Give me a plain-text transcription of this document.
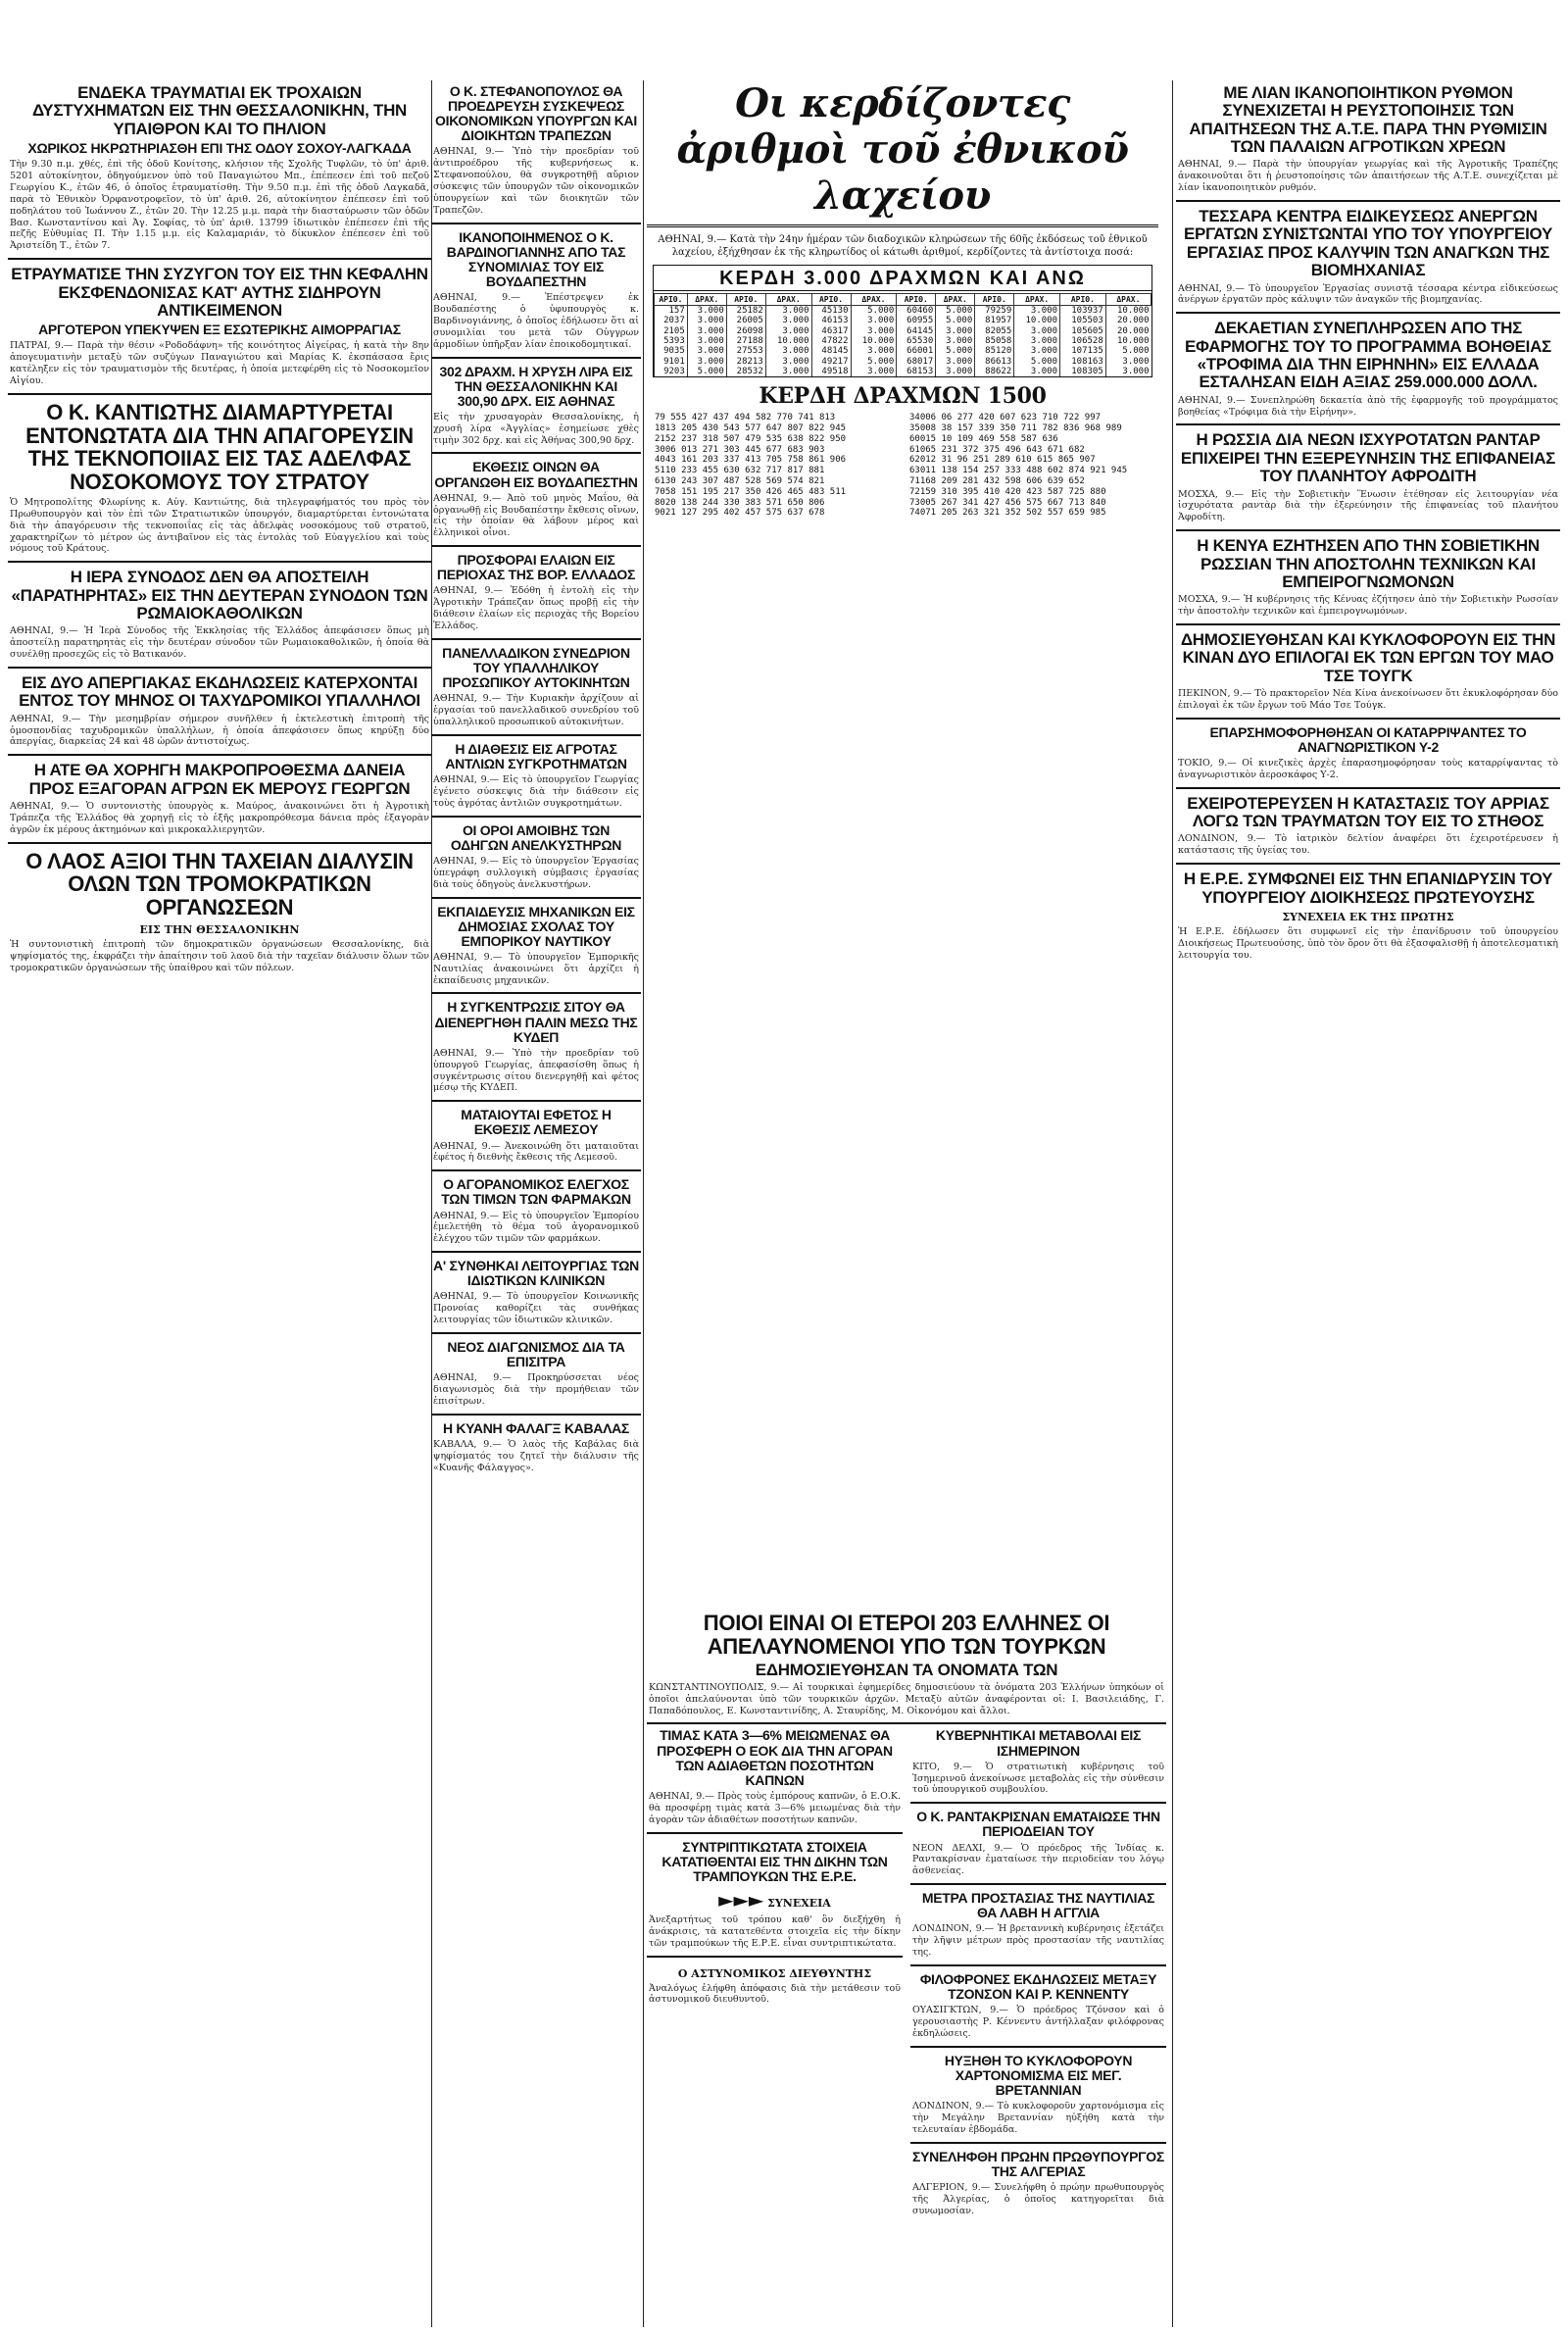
ΕΝΔΕΚΑ ΤΡΑΥΜΑΤΙΑΙ ΕΚ ΤΡΟΧΑΙΩΝ ΔΥΣΤΥΧΗΜΑΤΩΝ ΕΙΣ ΤΗΝ ΘΕΣΣΑΛΟΝΙΚΗΝ, ΤΗΝ ΥΠΑΙΘΡΟΝ ΚΑΙ ΤΟ ΠΗΛΙΟΝ

ΧΩΡΙΚΟΣ ΗΚΡΩΤΗΡΙΑΣΘΗ ΕΠΙ ΤΗΣ ΟΔΟΥ ΣΟΧΟΥ-ΛΑΓΚΑΔΑ

Τὴν 9.30 π.μ. χθές, ἐπὶ τῆς ὁδοῦ Κονίτσης, κλήσιον τῆς Σχολῆς Τυφλῶν, τὸ ὑπ' ἀριθ. 5201 αὐτοκίνητον, ὁδηγούμενον ὑπὸ τοῦ Παναγιώτου Μπ., ἐπέπεσεν ἐπὶ τοῦ πεζοῦ Γεωργίου Κ., ἐτῶν 46, ὁ ὁποῖος ἐτραυματίσθη. Τὴν 9.50 π.μ. ἐπὶ τῆς ὁδοῦ Λαγκαδᾶ, παρὰ τὸ Ἐθνικὸν Ὀρφανοτροφεῖον, τὸ ὑπ' ἀριθ. 26, αὐτοκίνητον ἐπέπεσεν ἐπὶ τοῦ ποδηλάτου τοῦ Ἰωάννου Ζ., ἐτῶν 20. Τὴν 12.25 μ.μ. παρὰ τὴν διασταύρωσιν τῶν ὁδῶν Βασ. Κωνσταντίνου καὶ Ἀγ. Σοφίας, τὸ ὑπ' ἀριθ. 13799 ἰδιωτικὸν ἐπέπεσεν ἐπὶ τῆς πεζῆς Εὐθυμίας Π. Τὴν 1.15 μ.μ. εἰς Καλαμαριάν, τὸ δίκυκλον ἐπέπεσεν ἐπὶ τοῦ Ἀριστείδη Τ., ἐτῶν 7.

ΕΤΡΑΥΜΑΤΙΣΕ ΤΗΝ ΣΥΖΥΓΟΝ ΤΟΥ ΕΙΣ ΤΗΝ ΚΕΦΑΛΗΝ ΕΚΣΦΕΝΔΟΝΙΣΑΣ ΚΑΤ' ΑΥΤΗΣ ΣΙΔΗΡΟΥΝ ΑΝΤΙΚΕΙΜΕΝΟΝ

ΑΡΓΟΤΕΡΟΝ ΥΠΕΚΥΨΕΝ ΕΞ ΕΣΩΤΕΡΙΚΗΣ ΑΙΜΟΡΡΑΓΙΑΣ

ΠΑΤΡΑΙ, 9.— Παρὰ τὴν θέσιν «Ροδοδάφνη» τῆς κοινότητος Αἰγείρας, ἡ κατὰ τὴν 8ην ἀπογευματινὴν μεταξὺ τῶν συζύγων Παναγιώτου καὶ Μαρίας Κ. ἐκσπάσασα ἔρις κατέληξεν εἰς τὸν τραυματισμὸν τῆς δευτέρας, ἡ ὁποία μετεφέρθη εἰς τὸ Νοσοκομεῖον Αἰγίου.

Ο Κ. ΚΑΝΤΙΩΤΗΣ ΔΙΑΜΑΡΤΥΡΕΤΑΙ ΕΝΤΟΝΩΤΑΤΑ ΔΙΑ ΤΗΝ ΑΠΑΓΟΡΕΥΣΙΝ ΤΗΣ ΤΕΚΝΟΠΟΙΙΑΣ ΕΙΣ ΤΑΣ ΑΔΕΛΦΑΣ ΝΟΣΟΚΟΜΟΥΣ ΤΟΥ ΣΤΡΑΤΟΥ

Ὁ Μητροπολίτης Φλωρίνης κ. Αὐγ. Καντιώτης, διὰ τηλεγραφήματός του πρὸς τὸν Πρωθυπουργὸν καὶ τὸν ἐπὶ τῶν Στρατιωτικῶν ὑπουργόν, διαμαρτύρεται ἐντονώτατα διὰ τὴν ἀπαγόρευσιν τῆς τεκνοποιΐας εἰς τὰς ἀδελφὰς νοσοκόμους τοῦ στρατοῦ, χαρακτηρίζων τὸ μέτρον ὡς ἀντιβαῖνον εἰς τὰς ἐντολὰς τοῦ Εὐαγγελίου καὶ τοὺς νόμους τοῦ Κράτους.

Η ΙΕΡΑ ΣΥΝΟΔΟΣ ΔΕΝ ΘΑ ΑΠΟΣΤΕΙΛΗ «ΠΑΡΑΤΗΡΗΤΑΣ» ΕΙΣ ΤΗΝ ΔΕΥΤΕΡΑΝ ΣΥΝΟΔΟΝ ΤΩΝ ΡΩΜΑΙΟΚΑΘΟΛΙΚΩΝ

ΑΘΗΝΑΙ, 9.— Ἡ Ἱερὰ Σύνοδος τῆς Ἐκκλησίας τῆς Ἑλλάδος ἀπεφάσισεν ὅπως μὴ ἀποστείλῃ παρατηρητὰς εἰς τὴν δευτέραν σύνοδον τῶν Ρωμαιοκαθολικῶν, ἡ ὁποία θὰ συνέλθῃ προσεχῶς εἰς τὸ Βατικανόν.

ΕΙΣ ΔΥΟ ΑΠΕΡΓΙΑΚΑΣ ΕΚΔΗΛΩΣΕΙΣ ΚΑΤΕΡΧΟΝΤΑΙ ΕΝΤΟΣ ΤΟΥ ΜΗΝΟΣ ΟΙ ΤΑΧΥΔΡΟΜΙΚΟΙ ΥΠΑΛΛΗΛΟΙ

ΑΘΗΝΑΙ, 9.— Τὴν μεσημβρίαν σήμερον συνῆλθεν ἡ ἐκτελεστικὴ ἐπιτροπὴ τῆς ὁμοσπονδίας ταχυδρομικῶν ὑπαλλήλων, ἡ ὁποία ἀπεφάσισεν ὅπως κηρύξῃ δύο ἀπεργίας, διαρκείας 24 καὶ 48 ὡρῶν ἀντιστοίχως.

Η ΑΤΕ ΘΑ ΧΟΡΗΓΗ ΜΑΚΡΟΠΡΟΘΕΣΜΑ ΔΑΝΕΙΑ ΠΡΟΣ ΕΞΑΓΟΡΑΝ ΑΓΡΩΝ ΕΚ ΜΕΡΟΥΣ ΓΕΩΡΓΩΝ

ΑΘΗΝΑΙ, 9.— Ὁ συντονιστὴς ὑπουργὸς κ. Μαύρος, ἀνακοινώνει ὅτι ἡ Ἀγροτικὴ Τράπεζα τῆς Ἑλλάδος θὰ χορηγῇ εἰς τὸ ἑξῆς μακροπρόθεσμα δάνεια πρὸς ἐξαγορὰν ἀγρῶν ἐκ μέρους ἀκτημόνων καὶ μικροκαλλιεργητῶν.

Ο ΛΑΟΣ ΑΞΙΟΙ ΤΗΝ ΤΑΧΕΙΑΝ ΔΙΑΛΥΣΙΝ ΟΛΩΝ ΤΩΝ ΤΡΟΜΟΚΡΑΤΙΚΩΝ ΟΡΓΑΝΩΣΕΩΝ

ΕΙΣ ΤΗΝ ΘΕΣΣΑΛΟΝΙΚΗΝ

Ἡ συντονιστικὴ ἐπιτροπὴ τῶν δημοκρατικῶν ὀργανώσεων Θεσσαλονίκης, διὰ ψηφίσματός της, ἐκφράζει τὴν ἀπαίτησιν τοῦ λαοῦ διὰ τὴν ταχεῖαν διάλυσιν ὅλων τῶν τρομοκρατικῶν ὀργανώσεων τῆς ὑπαίθρου καὶ τῶν πόλεων.

Ο Κ. ΣΤΕΦΑΝΟΠΟΥΛΟΣ ΘΑ ΠΡΟΕΔΡΕΥΣΗ ΣΥΣΚΕΨΕΩΣ ΟΙΚΟΝΟΜΙΚΩΝ ΥΠΟΥΡΓΩΝ ΚΑΙ ΔΙΟΙΚΗΤΩΝ ΤΡΑΠΕΖΩΝ

ΑΘΗΝΑΙ, 9.— Ὑπὸ τὴν προεδρίαν τοῦ ἀντιπροέδρου τῆς κυβερνήσεως κ. Στεφανοπούλου, θὰ συγκροτηθῇ αὔριον σύσκεψις τῶν ὑπουργῶν τῶν οἰκονομικῶν ὑπουργείων καὶ τῶν διοικητῶν τῶν Τραπεζῶν.

ΙΚΑΝΟΠΟΙΗΜΕΝΟΣ Ο Κ. ΒΑΡΔΙΝΟΓΙΑΝΝΗΣ ΑΠΟ ΤΑΣ ΣΥΝΟΜΙΛΙΑΣ ΤΟΥ ΕΙΣ ΒΟΥΔΑΠΕΣΤΗΝ

ΑΘΗΝΑΙ, 9.— Ἐπέστρεψεν ἐκ Βουδαπέστης ὁ ὑφυπουργὸς κ. Βαρδινογιάννης, ὁ ὁποῖος ἐδήλωσεν ὅτι αἱ συνομιλίαι του μετὰ τῶν Οὑγγρων ἁρμοδίων ὑπῆρξαν λίαν ἐποικοδομητικαί.

302 ΔΡΑΧΜ. Η ΧΡΥΣΗ ΛΙΡΑ ΕΙΣ ΤΗΝ ΘΕΣΣΑΛΟΝΙΚΗΝ ΚΑΙ 300,90 ΔΡΧ. ΕΙΣ ΑΘΗΝΑΣ

Εἰς τὴν χρυσαγορὰν Θεσσαλονίκης, ἡ χρυσῆ λίρα «Ἀγγλίας» ἐσημείωσε χθὲς τιμὴν 302 δρχ. καὶ εἰς Ἀθήνας 300,90 δρχ.

ΕΚΘΕΣΙΣ ΟΙΝΩΝ ΘΑ ΟΡΓΑΝΩΘΗ ΕΙΣ ΒΟΥΔΑΠΕΣΤΗΝ

ΑΘΗΝΑΙ, 9.— Ἀπὸ τοῦ μηνὸς Μαΐου, θὰ ὀργανωθῇ εἰς Βουδαπέστην ἔκθεσις οἴνων, εἰς τὴν ὁποίαν θὰ λάβουν μέρος καὶ ἑλληνικοὶ οἶνοι.

ΠΡΟΣΦΟΡΑΙ ΕΛΑΙΩΝ ΕΙΣ ΠΕΡΙΟΧΑΣ ΤΗΣ ΒΟΡ. ΕΛΛΑΔΟΣ

ΑΘΗΝΑΙ, 9.— Ἐδόθη ἡ ἐντολὴ εἰς τὴν Ἀγροτικὴν Τράπεζαν ὅπως προβῇ εἰς τὴν διάθεσιν ἐλαίων εἰς περιοχὰς τῆς Βορείου Ἑλλάδος.

ΠΑΝΕΛΛΑΔΙΚΟΝ ΣΥΝΕΔΡΙΟΝ ΤΟΥ ΥΠΑΛΛΗΛΙΚΟΥ ΠΡΟΣΩΠΙΚΟΥ ΑΥΤΟΚΙΝΗΤΩΝ

ΑΘΗΝΑΙ, 9.— Τὴν Κυριακὴν ἀρχίζουν αἱ ἐργασίαι τοῦ πανελλαδικοῦ συνεδρίου τοῦ ὑπαλληλικοῦ προσωπικοῦ αὐτοκινήτων.

Η ΔΙΑΘΕΣΙΣ ΕΙΣ ΑΓΡΟΤΑΣ ΑΝΤΛΙΩΝ ΣΥΓΚΡΟΤΗΜΑΤΩΝ

ΑΘΗΝΑΙ, 9.— Εἰς τὸ ὑπουργεῖον Γεωργίας ἐγένετο σύσκεψις διὰ τὴν διάθεσιν εἰς τοὺς ἀγρότας ἀντλιῶν συγκροτημάτων.

ΟΙ ΟΡΟΙ ΑΜΟΙΒΗΣ ΤΩΝ ΟΔΗΓΩΝ ΑΝΕΛΚΥΣΤΗΡΩΝ

ΑΘΗΝΑΙ, 9.— Εἰς τὸ ὑπουργεῖον Ἐργασίας ὑπεγράφη συλλογικὴ σύμβασις ἐργασίας διὰ τοὺς ὁδηγοὺς ἀνελκυστήρων.

ΕΚΠΑΙΔΕΥΣΙΣ ΜΗΧΑΝΙΚΩΝ ΕΙΣ ΔΗΜΟΣΙΑΣ ΣΧΟΛΑΣ ΤΟΥ ΕΜΠΟΡΙΚΟΥ ΝΑΥΤΙΚΟΥ

ΑΘΗΝΑΙ, 9.— Τὸ ὑπουργεῖον Ἐμπορικῆς Ναυτιλίας ἀνακοινώνει ὅτι ἀρχίζει ἡ ἐκπαίδευσις μηχανικῶν.

Η ΣΥΓΚΕΝΤΡΩΣΙΣ ΣΙΤΟΥ ΘΑ ΔΙΕΝΕΡΓΗΘΗ ΠΑΛΙΝ ΜΕΣΩ ΤΗΣ ΚΥΔΕΠ

ΑΘΗΝΑΙ, 9.— Ὑπὸ τὴν προεδρίαν τοῦ ὑπουργοῦ Γεωργίας, ἀπεφασίσθη ὅπως ἡ συγκέντρωσις σίτου διενεργηθῇ καὶ φέτος μέσῳ τῆς ΚΥΔΕΠ.

ΜΑΤΑΙΟΥΤΑΙ ΕΦΕΤΟΣ Η ΕΚΘΕΣΙΣ ΛΕΜΕΣΟΥ

ΑΘΗΝΑΙ, 9.— Ἀνεκοινώθη ὅτι ματαιοῦται ἐφέτος ἡ διεθνὴς ἔκθεσις τῆς Λεμεσοῦ.

Ο ΑΓΟΡΑΝΟΜΙΚΟΣ ΕΛΕΓΧΟΣ ΤΩΝ ΤΙΜΩΝ ΤΩΝ ΦΑΡΜΑΚΩΝ

ΑΘΗΝΑΙ, 9.— Εἰς τὸ ὑπουργεῖον Ἐμπορίου ἐμελετήθη τὸ θέμα τοῦ ἀγορανομικοῦ ἐλέγχου τῶν τιμῶν τῶν φαρμάκων.

Α' ΣΥΝΘΗΚΑΙ ΛΕΙΤΟΥΡΓΙΑΣ ΤΩΝ ΙΔΙΩΤΙΚΩΝ ΚΛΙΝΙΚΩΝ

ΑΘΗΝΑΙ, 9.— Τὸ ὑπουργεῖον Κοινωνικῆς Προνοίας καθορίζει τὰς συνθήκας λειτουργίας τῶν ἰδιωτικῶν κλινικῶν.

ΝΕΟΣ ΔΙΑΓΩΝΙΣΜΟΣ ΔΙΑ ΤΑ ΕΠΙΣΙΤΡΑ

ΑΘΗΝΑΙ, 9.— Προκηρύσσεται νέος διαγωνισμὸς διὰ τὴν προμήθειαν τῶν ἐπισίτρων.

Η ΚΥΑΝΗ ΦΑΛΑΓΞ ΚΑΒΑΛΑΣ

ΚΑΒΑΛΑ, 9.— Ὁ λαὸς τῆς Καβάλας διὰ ψηφίσματός του ζητεῖ τὴν διάλυσιν τῆς «Κυανῆς Φάλαγγος».

Οι κερδίζοντες ἀριθμοὶ τοῦ ἐθνικοῦ λαχείου

ΑΘΗΝΑΙ, 9.— Κατὰ τὴν 24ην ἡμέραν τῶν διαδοχικῶν κληρώσεων τῆς 60ῆς ἐκδόσεως τοῦ ἐθνικοῦ λαχείου, ἐξήχθησαν ἐκ τῆς κληρωτίδος οἱ κάτωθι ἀριθμοί, κερδίζοντες τὰ ἀντίστοιχα ποσά:

ΚΕΡΔΗ 3.000 ΔΡΑΧΜΩΝ ΚΑΙ ΑΝΩ
ΑΡΙΘ.	ΔΡΑΧ.	ΑΡΙΘ.	ΔΡΑΧ.	ΑΡΙΘ.	ΔΡΑΧ.	ΑΡΙΘ.	ΔΡΑΧ.	ΑΡΙΘ.	ΔΡΑΧ.	ΑΡΙΘ.	ΔΡΑΧ.
157	3.000	25182	3.000	45130	5.000	60460	5.000	79259	3.000	103937	10.000
2037	3.000	26005	3.000	46153	3.000	60955	5.000	81957	10.000	105503	20.000
2105	3.000	26098	3.000	46317	3.000	64145	3.000	82055	3.000	105605	20.000
5393	3.000	27188	10.000	47822	10.000	65530	3.000	85058	3.000	106528	10.000
9035	3.000	27553	3.000	48145	3.000	66001	5.000	85120	3.000	107135	5.000
9101	3.000	28213	3.000	49217	5.000	68017	3.000	86613	5.000	108163	3.000
9203	5.000	28532	3.000	49518	3.000	68153	3.000	88622	3.000	108305	3.000

ΚΕΡΔΗ ΔΡΑΧΜΩΝ 1500

79 555 427 437 494 582 770 741 813
1813 205 430 543 577 647 807 822 945
2152 237 318 507 479 535 638 822 950
3006 013 271 303 445 677 683 903
4043 161 203 337 413 705 758 861 906
5110 233 455 630 632 717 817 881
6130 243 307 487 528 569 574 821
7058 151 195 217 350 426 465 483 511
8020 138 244 330 383 571 650 806
9021 127 295 402 457 575 637 678
34006 06 277 420 607 623 710 722 997
35008 38 157 339 350 711 782 836 968 989
60015 10 109 469 558 587 636
61065 231 372 375 496 643 671 682
62012 31 96 251 289 610 615 865 907
63011 138 154 257 333 488 602 874 921 945
71168 209 281 432 598 606 639 652
72159 310 395 410 420 423 587 725 880
73005 267 341 427 456 575 667 713 840
74071 205 263 321 352 502 557 659 985

ΠΟΙΟΙ ΕΙΝΑΙ ΟΙ ΕΤΕΡΟΙ 203 ΕΛΛΗΝΕΣ ΟΙ ΑΠΕΛΑΥΝΟΜΕΝΟΙ ΥΠΟ ΤΩΝ ΤΟΥΡΚΩΝ

ΕΔΗΜΟΣΙΕΥΘΗΣΑΝ ΤΑ ΟΝΟΜΑΤΑ ΤΩΝ

ΚΩΝΣΤΑΝΤΙΝΟΥΠΟΛΙΣ, 9.— Αἱ τουρκικαὶ ἐφημερίδες δημοσιεύουν τὰ ὀνόματα 203 Ἑλλήνων ὑπηκόων οἱ ὁποῖοι ἀπελαύνονται ὑπὸ τῶν τουρκικῶν ἀρχῶν. Μεταξὺ αὐτῶν ἀναφέρονται οἱ: Ι. Βασιλειάδης, Γ. Παπαδόπουλος, Ε. Κωνσταντινίδης, Α. Σταυρίδης, Μ. Οἰκονόμου καὶ ἄλλοι.

ΤΙΜΑΣ ΚΑΤΑ 3—6% ΜΕΙΩΜΕΝΑΣ ΘΑ ΠΡΟΣΦΕΡΗ Ο ΕΟΚ ΔΙΑ ΤΗΝ ΑΓΟΡΑΝ ΤΩΝ ΑΔΙΑΘΕΤΩΝ ΠΟΣΟΤΗΤΩΝ ΚΑΠΝΩΝ

ΑΘΗΝΑΙ, 9.— Πρὸς τοὺς ἐμπόρους καπνῶν, ὁ Ε.Ο.Κ. θὰ προσφέρῃ τιμὰς κατὰ 3—6% μειωμένας διὰ τὴν ἀγορὰν τῶν ἀδιαθέτων ποσοτήτων καπνῶν.

ΣΥΝΤΡΙΠΤΙΚΩΤΑΤΑ ΣΤΟΙΧΕΙΑ ΚΑΤΑΤΙΘΕΝΤΑΙ ΕΙΣ ΤΗΝ ΔΙΚΗΝ ΤΩΝ ΤΡΑΜΠΟΥΚΩΝ ΤΗΣ Ε.Ρ.Ε.

►►► ΣΥΝΕΧΕΙΑ

Ἀνεξαρτήτως τοῦ τρόπου καθ' ὃν διεξήχθη ἡ ἀνάκρισις, τὰ κατατεθέντα στοιχεῖα εἰς τὴν δίκην τῶν τραμπούκων τῆς Ε.Ρ.Ε. εἶναι συντριπτικώτατα.

Ο ΑΣΤΥΝΟΜΙΚΟΣ ΔΙΕΥΘΥΝΤΗΣ

Ἀναλόγως ἐλήφθη ἀπόφασις διὰ τὴν μετάθεσιν τοῦ ἀστυνομικοῦ διευθυντοῦ.

ΚΥΒΕΡΝΗΤΙΚΑΙ ΜΕΤΑΒΟΛΑΙ ΕΙΣ ΙΣΗΜΕΡΙΝΟΝ

ΚΙΤΟ, 9.— Ὁ στρατιωτικὴ κυβέρνησις τοῦ Ἰσημερινοῦ ἀνεκοίνωσε μεταβολὰς εἰς τὴν σύνθεσιν τοῦ ὑπουργικοῦ συμβουλίου.

Ο Κ. ΡΑΝΤΑΚΡΙΣΝΑΝ ΕΜΑΤΑΙΩΣΕ ΤΗΝ ΠΕΡΙΟΔΕΙΑΝ ΤΟΥ

ΝΕΟΝ ΔΕΛΧΙ, 9.— Ὁ πρόεδρος τῆς Ἰνδίας κ. Ραντακρίσναν ἐματαίωσε τὴν περιοδείαν του λόγῳ ἀσθενείας.

ΜΕΤΡΑ ΠΡΟΣΤΑΣΙΑΣ ΤΗΣ ΝΑΥΤΙΛΙΑΣ ΘΑ ΛΑΒΗ Η ΑΓΓΛΙΑ

ΛΟΝΔΙΝΟΝ, 9.— Ἡ βρεταννικὴ κυβέρνησις ἐξετάζει τὴν λῆψιν μέτρων πρὸς προστασίαν τῆς ναυτιλίας της.

ΦΙΛΟΦΡΟΝΕΣ ΕΚΔΗΛΩΣΕΙΣ ΜΕΤΑΞΥ ΤΖΟΝΣΟΝ ΚΑΙ Ρ. ΚΕΝΝΕΝΤΥ

ΟΥΑΣΙΓΚΤΩΝ, 9.— Ὁ πρόεδρος Τζόνσον καὶ ὁ γερουσιαστὴς Ρ. Κέννεντυ ἀντήλλαξαν φιλόφρονας ἐκδηλώσεις.

ΗΥΞΗΘΗ ΤΟ ΚΥΚΛΟΦΟΡΟΥΝ ΧΑΡΤΟΝΟΜΙΣΜΑ ΕΙΣ ΜΕΓ. ΒΡΕΤΑΝΝΙΑΝ

ΛΟΝΔΙΝΟΝ, 9.— Τὸ κυκλοφοροῦν χαρτονόμισμα εἰς τὴν Μεγάλην Βρεταννίαν ηὐξήθη κατὰ τὴν τελευταίαν ἑβδομάδα.

ΣΥΝΕΛΗΦΘΗ ΠΡΩΗΝ ΠΡΩΘΥΠΟΥΡΓΟΣ ΤΗΣ ΑΛΓΕΡΙΑΣ

ΑΛΓΕΡΙΟΝ, 9.— Συνελήφθη ὁ πρώην πρωθυπουργὸς τῆς Ἀλγερίας, ὁ ὁποῖος κατηγορεῖται διὰ συνωμοσίαν.

ΜΕ ΛΙΑΝ ΙΚΑΝΟΠΟΙΗΤΙΚΟΝ ΡΥΘΜΟΝ ΣΥΝΕΧΙΖΕΤΑΙ Η ΡΕΥΣΤΟΠΟΙΗΣΙΣ ΤΩΝ ΑΠΑΙΤΗΣΕΩΝ ΤΗΣ Α.Τ.Ε. ΠΑΡΑ ΤΗΝ ΡΥΘΜΙΣΙΝ ΤΩΝ ΠΑΛΑΙΩΝ ΑΓΡΟΤΙΚΩΝ ΧΡΕΩΝ

ΑΘΗΝΑΙ, 9.— Παρὰ τὴν ὑπουργίαν γεωργίας καὶ τῆς Ἀγροτικῆς Τραπέζης ἀνακοινοῦται ὅτι ἡ ῥευστοποίησις τῶν ἀπαιτήσεων τῆς Α.Τ.Ε. συνεχίζεται μὲ λίαν ἱκανοποιητικὸν ρυθμόν.

ΤΕΣΣΑΡΑ ΚΕΝΤΡΑ ΕΙΔΙΚΕΥΣΕΩΣ ΑΝΕΡΓΩΝ ΕΡΓΑΤΩΝ ΣΥΝΙΣΤΩΝΤΑΙ ΥΠΟ ΤΟΥ ΥΠΟΥΡΓΕΙΟΥ ΕΡΓΑΣΙΑΣ ΠΡΟΣ ΚΑΛΥΨΙΝ ΤΩΝ ΑΝΑΓΚΩΝ ΤΗΣ ΒΙΟΜΗΧΑΝΙΑΣ

ΑΘΗΝΑΙ, 9.— Τὸ ὑπουργεῖον Ἐργασίας συνιστᾷ τέσσαρα κέντρα εἰδικεύσεως ἀνέργων ἐργατῶν πρὸς κάλυψιν τῶν ἀναγκῶν τῆς βιομηχανίας.

ΔΕΚΑΕΤΙΑΝ ΣΥΝΕΠΛΗΡΩΣΕΝ ΑΠΟ ΤΗΣ ΕΦΑΡΜΟΓΗΣ ΤΟΥ ΤΟ ΠΡΟΓΡΑΜΜΑ ΒΟΗΘΕΙΑΣ «ΤΡΟΦΙΜΑ ΔΙΑ ΤΗΝ ΕΙΡΗΝΗΝ» ΕΙΣ ΕΛΛΑΔΑ ΕΣΤΑΛΗΣΑΝ ΕΙΔΗ ΑΞΙΑΣ 259.000.000 ΔΟΛΛ.

ΑΘΗΝΑΙ, 9.— Συνεπληρώθη δεκαετία ἀπὸ τῆς ἐφαρμογῆς τοῦ προγράμματος βοηθείας «Τρόφιμα διὰ τὴν Εἰρήνην».

Η ΡΩΣΣΙΑ ΔΙΑ ΝΕΩΝ ΙΣΧΥΡΟΤΑΤΩΝ ΡΑΝΤΑΡ ΕΠΙΧΕΙΡΕΙ ΤΗΝ ΕΞΕΡΕΥΝΗΣΙΝ ΤΗΣ ΕΠΙΦΑΝΕΙΑΣ ΤΟΥ ΠΛΑΝΗΤΟΥ ΑΦΡΟΔΙΤΗ

ΜΟΣΧΑ, 9.— Εἰς τὴν Σοβιετικὴν Ἕνωσιν ἐτέθησαν εἰς λειτουργίαν νέα ἰσχυρότατα ραντὰρ διὰ τὴν ἐξερεύνησιν τῆς ἐπιφανείας τοῦ πλανήτου Ἀφροδίτη.

Η ΚΕΝΥΑ ΕΖΗΤΗΣΕΝ ΑΠΟ ΤΗΝ ΣΟΒΙΕΤΙΚΗΝ ΡΩΣΣΙΑΝ ΤΗΝ ΑΠΟΣΤΟΛΗΝ ΤΕΧΝΙΚΩΝ ΚΑΙ ΕΜΠΕΙΡΟΓΝΩΜΟΝΩΝ

ΜΟΣΧΑ, 9.— Ἡ κυβέρνησις τῆς Κένυας ἐζήτησεν ἀπὸ τὴν Σοβιετικὴν Ρωσσίαν τὴν ἀποστολὴν τεχνικῶν καὶ ἐμπειρογνωμόνων.

ΔΗΜΟΣΙΕΥΘΗΣΑΝ ΚΑΙ ΚΥΚΛΟΦΟΡΟΥΝ ΕΙΣ ΤΗΝ ΚΙΝΑΝ ΔΥΟ ΕΠΙΛΟΓΑΙ ΕΚ ΤΩΝ ΕΡΓΩΝ ΤΟΥ ΜΑΟ ΤΣΕ ΤΟΥΓΚ

ΠΕΚΙΝΟΝ, 9.— Τὸ πρακτορεῖον Νέα Κίνα ἀνεκοίνωσεν ὅτι ἐκυκλοφόρησαν δύο ἐπιλογαὶ ἐκ τῶν ἔργων τοῦ Μάο Τσε Τούγκ.

ΕΠΑΡΣΗΜΟΦΟΡΗΘΗΣΑΝ ΟΙ ΚΑΤΑΡΡΙΨΑΝΤΕΣ ΤΟ ΑΝΑΓΝΩΡΙΣΤΙΚΟΝ Υ-2

ΤΟΚΙΟ, 9.— Οἱ κινεζικὲς ἀρχὲς ἐπαρασημοφόρησαν τοὺς καταρρίψαντας τὸ ἀναγνωριστικὸν ἀεροσκάφος Υ-2.

ΕΧΕΙΡΟΤΕΡΕΥΣΕΝ Η ΚΑΤΑΣΤΑΣΙΣ ΤΟΥ ΑΡΡΙΑΣ ΛΟΓΩ ΤΩΝ ΤΡΑΥΜΑΤΩΝ ΤΟΥ ΕΙΣ ΤΟ ΣΤΗΘΟΣ

ΛΟΝΔΙΝΟΝ, 9.— Τὸ ἰατρικὸν δελτίον ἀναφέρει ὅτι ἐχειροτέρευσεν ἡ κατάστασις τῆς ὑγείας του.

Η Ε.Ρ.Ε. ΣΥΜΦΩΝΕΙ ΕΙΣ ΤΗΝ ΕΠΑΝΙΔΡΥΣΙΝ ΤΟΥ ΥΠΟΥΡΓΕΙΟΥ ΔΙΟΙΚΗΣΕΩΣ ΠΡΩΤΕΥΟΥΣΗΣ

ΣΥΝΕΧΕΙΑ ΕΚ ΤΗΣ ΠΡΩΤΗΣ

Ἡ Ε.Ρ.Ε. ἐδήλωσεν ὅτι συμφωνεῖ εἰς τὴν ἐπανίδρυσιν τοῦ ὑπουργείου Διοικήσεως Πρωτευούσης, ὑπὸ τὸν ὅρον ὅτι θὰ ἐξασφαλισθῇ ἡ ἀποτελεσματικὴ λειτουργία του.
